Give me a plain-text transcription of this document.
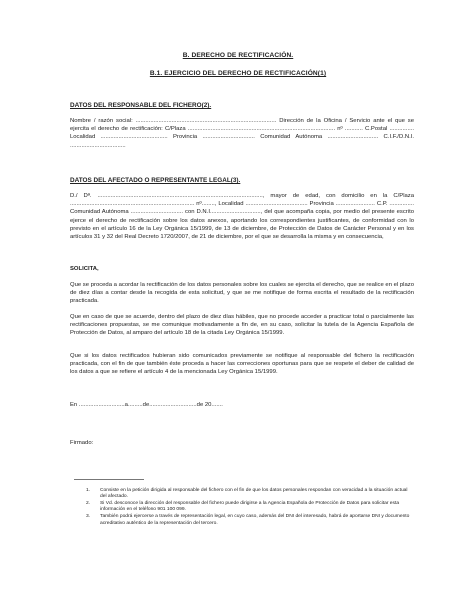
B. DERECHO DE RECTIFICACIÓN.
B.1. EJERCICIO DEL DERECHO DE RECTIFICACIÓN(1)
DATOS DEL RESPONSABLE DEL FICHERO(2).

Nombre / razón social: ...................................................................................... Dirección de la Oficina / Servicio ante el que se ejercita el derecho de rectificación: C/Plaza .......................................................................................... nº ........... C.Postal ............... Localidad ......................................... Provincia ................................ Comunidad Autónoma ............................... C.I.F./D.N.I. ..................................

DATOS DEL AFECTADO O REPRESENTANTE LEGAL(3).

D./ Dª. ....................................................................................................., mayor de edad, con domicilio en la C/Plaza ............................................................................ nº........, Localidad ...................................... Provincia ........................ C.P. ............... Comunidad Autónoma ................................ con D.N.I..............................., del que acompaña copia, por medio del presente escrito ejerce el derecho de rectificación sobre los datos anexos, aportando los correspondientes justificantes, de conformidad con lo previsto en el artículo 16 de la Ley Orgánica 15/1999, de 13 de diciembre, de Protección de Datos de Carácter Personal y en los artículos 31 y 32 del Real Decreto 1720/2007, de 21 de diciembre, por el que se desarrolla la misma y en consecuencia,

SOLICITA,

Que se proceda a acordar la rectificación de los datos personales sobre los cuales se ejercita el derecho, que se realice en el plazo de diez días a contar desde la recogida de esta solicitud, y que se me notifique de forma escrita el resultado de la rectificación practicada.

Que en caso de que se acuerde, dentro del plazo de diez días hábiles, que no procede acceder a practicar total o parcialmente las rectificaciones propuestas, se me comunique motivadamente a fin de, en su caso, solicitar la tutela de la Agencia Española de Protección de Datos, al amparo del artículo 18 de la citada Ley Orgánica 15/1999.

Que si los datos rectificados hubieran sido comunicados previamente se notifique al responsable del fichero la rectificación practicada, con el fin de que también éste proceda a hacer las correcciones oportunas para que se respete el deber de calidad de los datos a que se refiere el artículo 4 de la mencionada Ley Orgánica 15/1999.

En ............................a.........de.............................de 20.......
Firmado:
1. Consiste en la petición dirigida al responsable del fichero con el fin de que los datos personales respondan con veracidad a la situación actual del afectado.
2. Si Vd. desconoce la dirección del responsable del fichero puede dirigirse a la Agencia Española de Protección de Datos para solicitar esta información en el teléfono 901 100 099.
3. También podrá ejercerse a través de representación legal, en cuyo caso, además del DNI del interesado, habrá de aportarse DNI y documento acreditativo auténtico de la representación del tercero.
